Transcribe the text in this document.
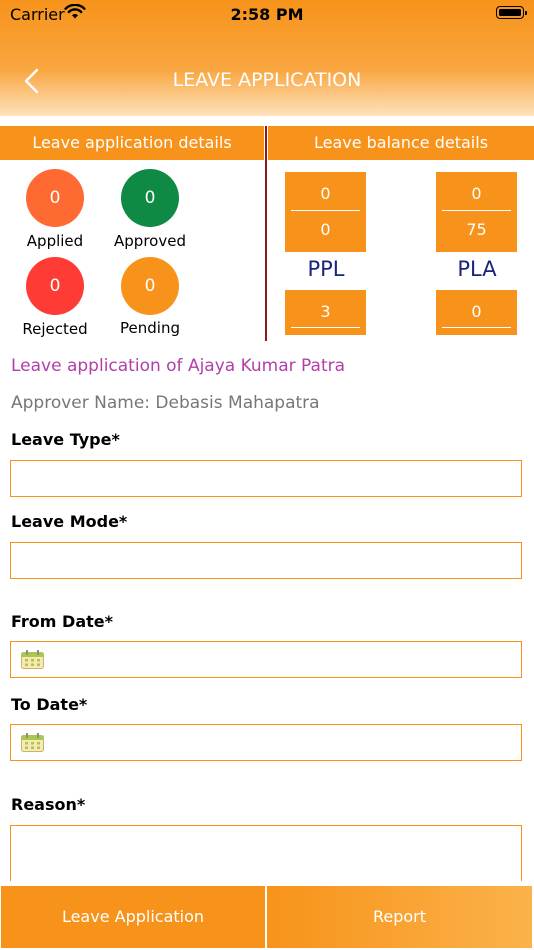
Carrier	2:58 PM
LEAVE APPLICATION
Leave application details	Leave balance details
0
Applied
0
Approved
0
Rejected
0
Pending
0
0
PPL
3
0
75
PLA
0
Leave application of Ajaya Kumar Patra
Approver Name: Debasis Mahapatra
Leave Type*
Leave Mode*
From Date*
To Date*
Reason*
Leave Application	Report
